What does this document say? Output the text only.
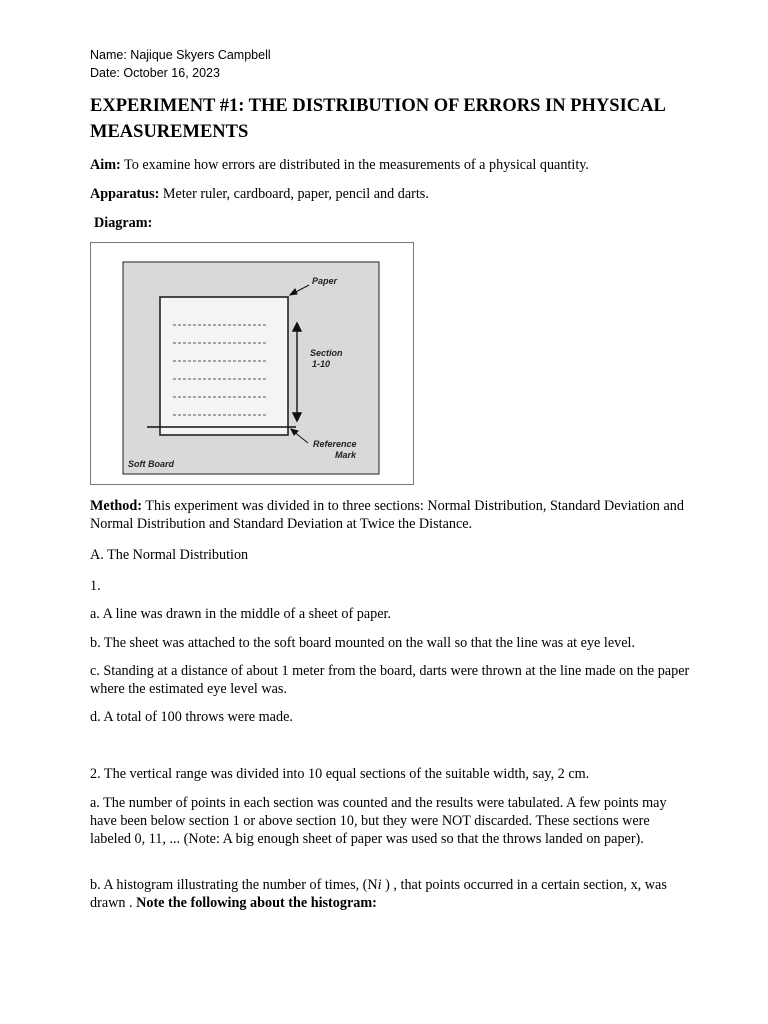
Name: Najique Skyers Campbell
Date: October 16, 2023
EXPERIMENT #1: THE DISTRIBUTION OF ERRORS IN PHYSICAL MEASUREMENTS
Aim: To examine how errors are distributed in the measurements of a physical quantity.
Apparatus: Meter ruler, cardboard, paper, pencil and darts.
Diagram:
Paper
Section
1-10
Reference
Mark
Soft Board
Method: This experiment was divided in to three sections: Normal Distribution, Standard Deviation and Normal Distribution and Standard Deviation at Twice the Distance.
A. The Normal Distribution
1.
a. A line was drawn in the middle of a sheet of paper.
b. The sheet was attached to the soft board mounted on the wall so that the line was at eye level.
c. Standing at a distance of about 1 meter from the board, darts were thrown at the line made on the paper where the estimated eye level was.
d. A total of 100 throws were made.
2. The vertical range was divided into 10 equal sections of the suitable width, say, 2 cm.
a. The number of points in each section was counted and the results were tabulated. A few points may have been below section 1 or above section 10, but they were NOT discarded. These sections were labeled 0, 11, ... (Note: A big enough sheet of paper was used so that the throws landed on paper).
b. A histogram illustrating the number of times, (Ni ) , that points occurred in a certain section, x, was drawn . Note the following about the histogram:
